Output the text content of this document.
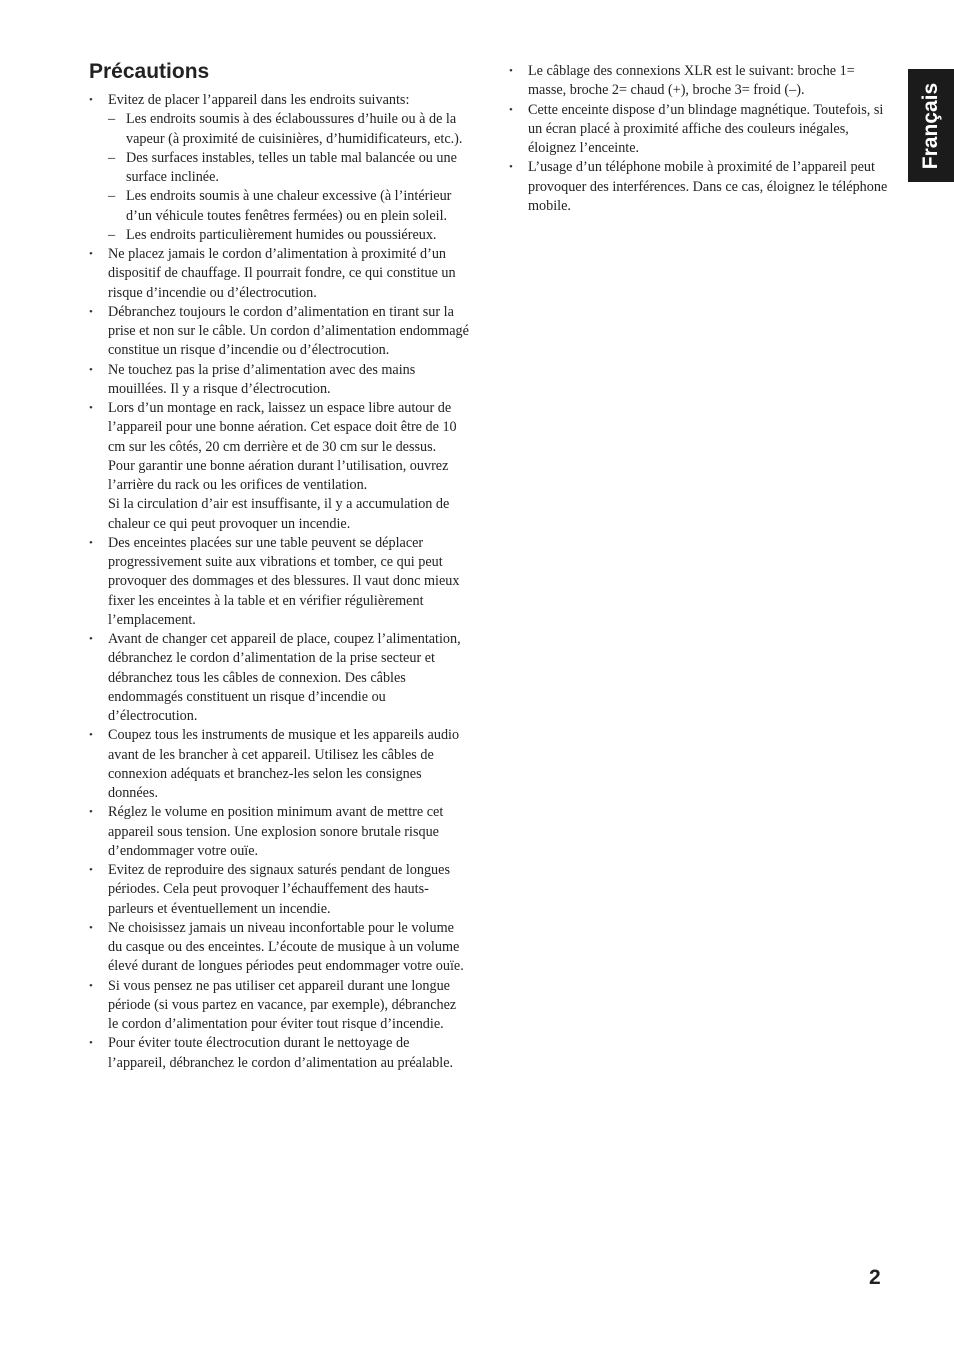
Précautions
• Evitez de placer l’appareil dans les endroits suivants:
– Les endroits soumis à des éclaboussures d’huile ou à de la vapeur (à proximité de cuisinières, d’humidificateurs, etc.).
– Des surfaces instables, telles un table mal balancée ou une surface inclinée.
– Les endroits soumis à une chaleur excessive (à l’intérieur d’un véhicule toutes fenêtres fermées) ou en plein soleil.
– Les endroits particulièrement humides ou poussiéreux.
• Ne placez jamais le cordon d’alimentation à proximité d’un dispositif de chauffage. Il pourrait fondre, ce qui constitue un risque d’incendie ou d’électrocution.
• Débranchez toujours le cordon d’alimentation en tirant sur la prise et non sur le câble. Un cordon d’alimentation endommagé constitue un risque d’incendie ou d’électrocution.
• Ne touchez pas la prise d’alimentation avec des mains mouillées. Il y a risque d’électrocution.
• Lors d’un montage en rack, laissez un espace libre autour de l’appareil pour une bonne aération. Cet espace doit être de 10 cm sur les côtés, 20 cm derrière et de 30 cm sur le dessus.
Pour garantir une bonne aération durant l’utilisation, ouvrez l’arrière du rack ou les orifices de ventilation.
Si la circulation d’air est insuffisante, il y a accumulation de chaleur ce qui peut provoquer un incendie.
• Des enceintes placées sur une table peuvent se déplacer progressivement suite aux vibrations et tomber, ce qui peut provoquer des dommages et des blessures. Il vaut donc mieux fixer les enceintes à la table et en vérifier régulièrement l’emplacement.
• Avant de changer cet appareil de place, coupez l’alimentation, débranchez le cordon d’alimentation de la prise secteur et débranchez tous les câbles de connexion. Des câbles endommagés constituent un risque d’incendie ou d’électrocution.
• Coupez tous les instruments de musique et les appareils audio avant de les brancher à cet appareil. Utilisez les câbles de connexion adéquats et branchez-les selon les consignes données.
• Réglez le volume en position minimum avant de mettre cet appareil sous tension. Une explosion sonore brutale risque d’endommager votre ouïe.
• Evitez de reproduire des signaux saturés pendant de longues périodes. Cela peut provoquer l’échauffement des hauts-parleurs et éventuellement un incendie.
• Ne choisissez jamais un niveau inconfortable pour le volume du casque ou des enceintes. L’écoute de musique à un volume élevé durant de longues périodes peut endommager votre ouïe.
• Si vous pensez ne pas utiliser cet appareil durant une longue période (si vous partez en vacance, par exemple), débranchez le cordon d’alimentation pour éviter tout risque d’incendie.
• Pour éviter toute électrocution durant le nettoyage de l’appareil, débranchez le cordon d’alimentation au préalable.
• Le câblage des connexions XLR est le suivant: broche 1= masse, broche 2= chaud (+), broche 3= froid (–).
• Cette enceinte dispose d’un blindage magnétique. Toutefois, si un écran placé à proximité affiche des couleurs inégales, éloignez l’enceinte.
• L’usage d’un téléphone mobile à proximité de l’appareil peut provoquer des interférences. Dans ce cas, éloignez le téléphone mobile.
Français
2
